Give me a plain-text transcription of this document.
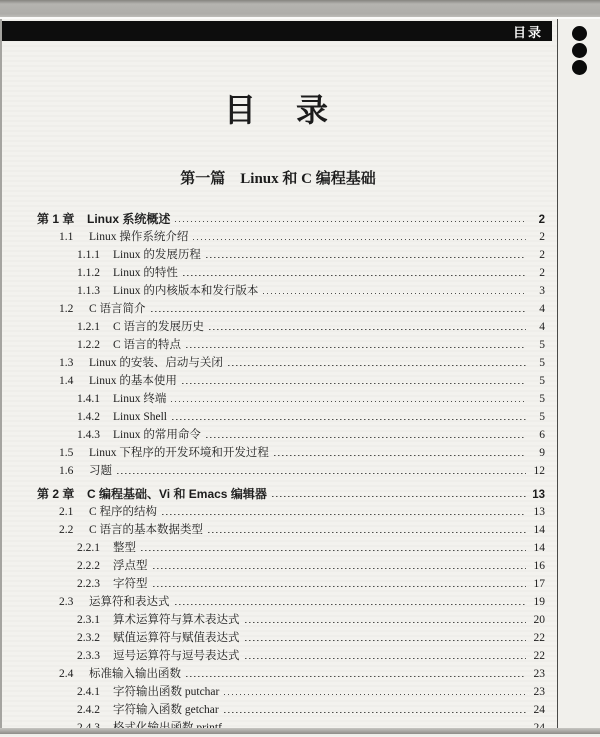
目录
目　录
第一篇　Linux 和 C 编程基础
第 1 章	Linux 系统概述	2
1.1	Linux 操作系统介绍	2
1.1.1	Linux 的发展历程	2
1.1.2	Linux 的特性	2
1.1.3	Linux 的内核版本和发行版本	3
1.2	C 语言简介	4
1.2.1	C 语言的发展历史	4
1.2.2	C 语言的特点	5
1.3	Linux 的安装、启动与关闭	5
1.4	Linux 的基本使用	5
1.4.1	Linux 终端	5
1.4.2	Linux Shell	5
1.4.3	Linux 的常用命令	6
1.5	Linux 下程序的开发环境和开发过程	9
1.6	习题	12
第 2 章	C 编程基础、Vi 和 Emacs 编辑器	13
2.1	C 程序的结构	13
2.2	C 语言的基本数据类型	14
2.2.1	整型	14
2.2.2	浮点型	16
2.2.3	字符型	17
2.3	运算符和表达式	19
2.3.1	算术运算符与算术表达式	20
2.3.2	赋值运算符与赋值表达式	22
2.3.3	逗号运算符与逗号表达式	22
2.4	标准输入输出函数	23
2.4.1	字符输出函数 putchar	23
2.4.2	字符输入函数 getchar	24
